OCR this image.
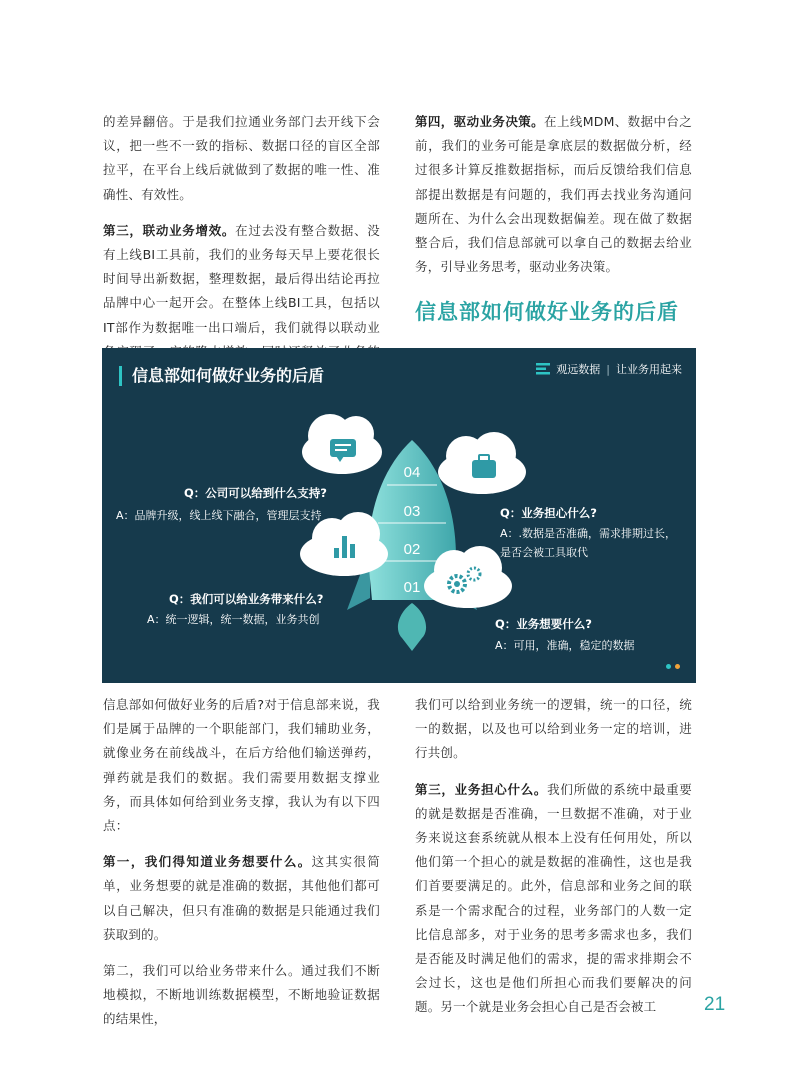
的差异翻倍。于是我们拉通业务部门去开线下会议，把一些不一致的指标、数据口径的盲区全部拉平，在平台上线后就做到了数据的唯一性、准确性、有效性。

第三，联动业务增效。在过去没有整合数据、没有上线BI工具前，我们的业务每天早上要花很长时间导出新数据，整理数据，最后得出结论再拉品牌中心一起开会。在整体上线BI工具，包括以IT部作为数据唯一出口端后，我们就得以联动业

第四，驱动业务决策。在上线MDM、数据中台之前，我们的业务可能是拿底层的数据做分析，经过很多计算反推数据指标，而后反馈给我们信息部提出数据是有问题的，我们再去找业务沟通问题所在、为什么会出现数据偏差。现在做了数据整合后，我们信息部就可以拿自己的数据去给业务，引导业务思考，驱动业务决策。

信息部如何做好业务的后盾
04
03
02
01
信息部如何做好业务的后盾	观远数据 | 让业务用起来
Q：公司可以给到什么支持?
A：品牌升级，线上线下融合，管理层支持	Q：业务担心什么?
A：.数据是否准确，需求排期过长，是否会被工具取代
Q：我们可以给业务带来什么?
A：统一逻辑，统一数据，业务共创	Q：业务想要什么?
A：可用，准确，稳定的数据

信息部如何做好业务的后盾?对于信息部来说，我们是属于品牌的一个职能部门，我们辅助业务，就像业务在前线战斗，在后方给他们输送弹药，弹药就是我们的数据。我们需要用数据支撑业务，而具体如何给到业务支撑，我认为有以下四点：

第一，我们得知道业务想要什么。这其实很简单，业务想要的就是准确的数据，其他他们都可以自己解决，但只有准确的数据是只能通过我们获取到的。

第二，我们可以给业务带来什么。通过我们不断地模拟，不断地训练数据模型，不断地验证数据的结果性，

我们可以给到业务统一的逻辑，统一的口径，统一的数据，以及也可以给到业务一定的培训，进行共创。

第三，业务担心什么。我们所做的系统中最重要的就是数据是否准确，一旦数据不准确，对于业务来说这套系统就从根本上没有任何用处，所以他们第一个担心的就是数据的准确性，这也是我们首要要满足的。此外，信息部和业务之间的联系是一个需求配合的过程，业务部门的人数一定比信息部多，对于业务的思考多需求也多，我们是否能及时满足他们的需求，提的需求排期会不会过长，这也是他们所担心而我们要解决的问题。另一个就是业务会担心自己是否会被工	21
